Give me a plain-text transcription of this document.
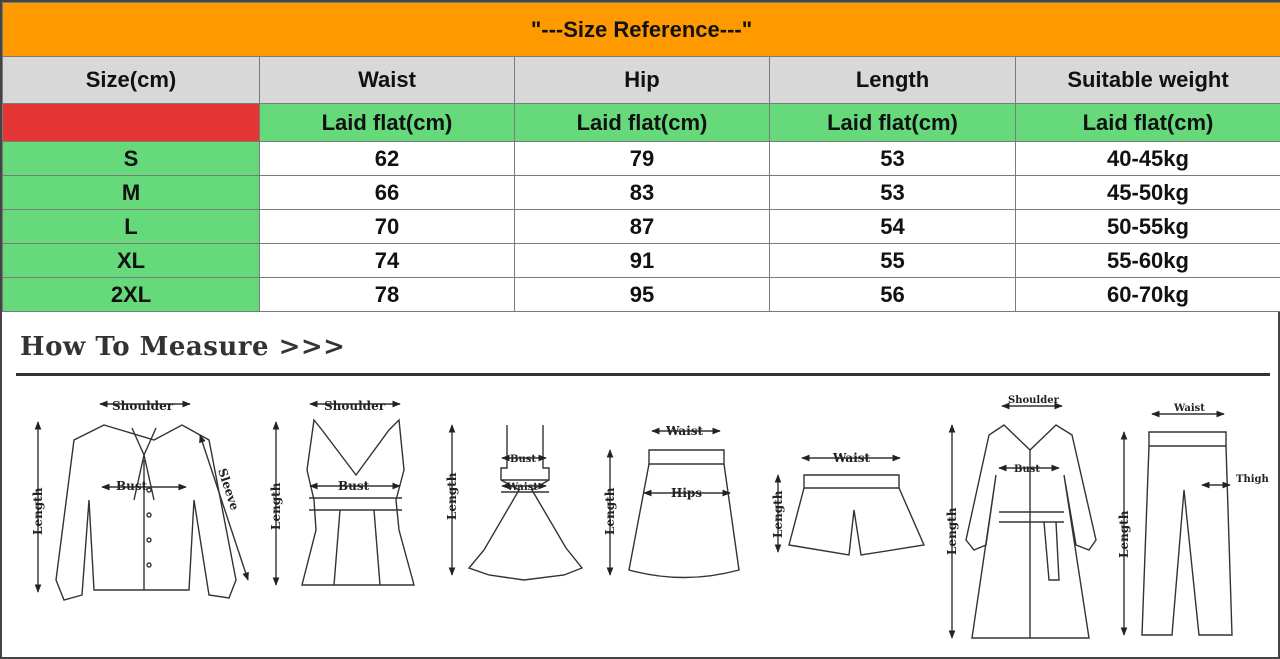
"---Size Reference---"				
Size(cm)	Waist	Hip	Length	Suitable weight
	Laid flat(cm)	Laid flat(cm)	Laid flat(cm)	Laid flat(cm)
S	62	79	53	40-45kg
M	66	83	53	45-50kg
L	70	87	54	50-55kg
XL	74	91	55	55-60kg
2XL	78	95	56	60-70kg
How To Measure >>>
Shoulder
Bust
Length	Sleeve
Shoulder
Bust
Length
Bust
Waist
Length
Waist
Hips
Length
Waist
Length
Shoulder
Bust
Length
Waist
Thigh
Length
